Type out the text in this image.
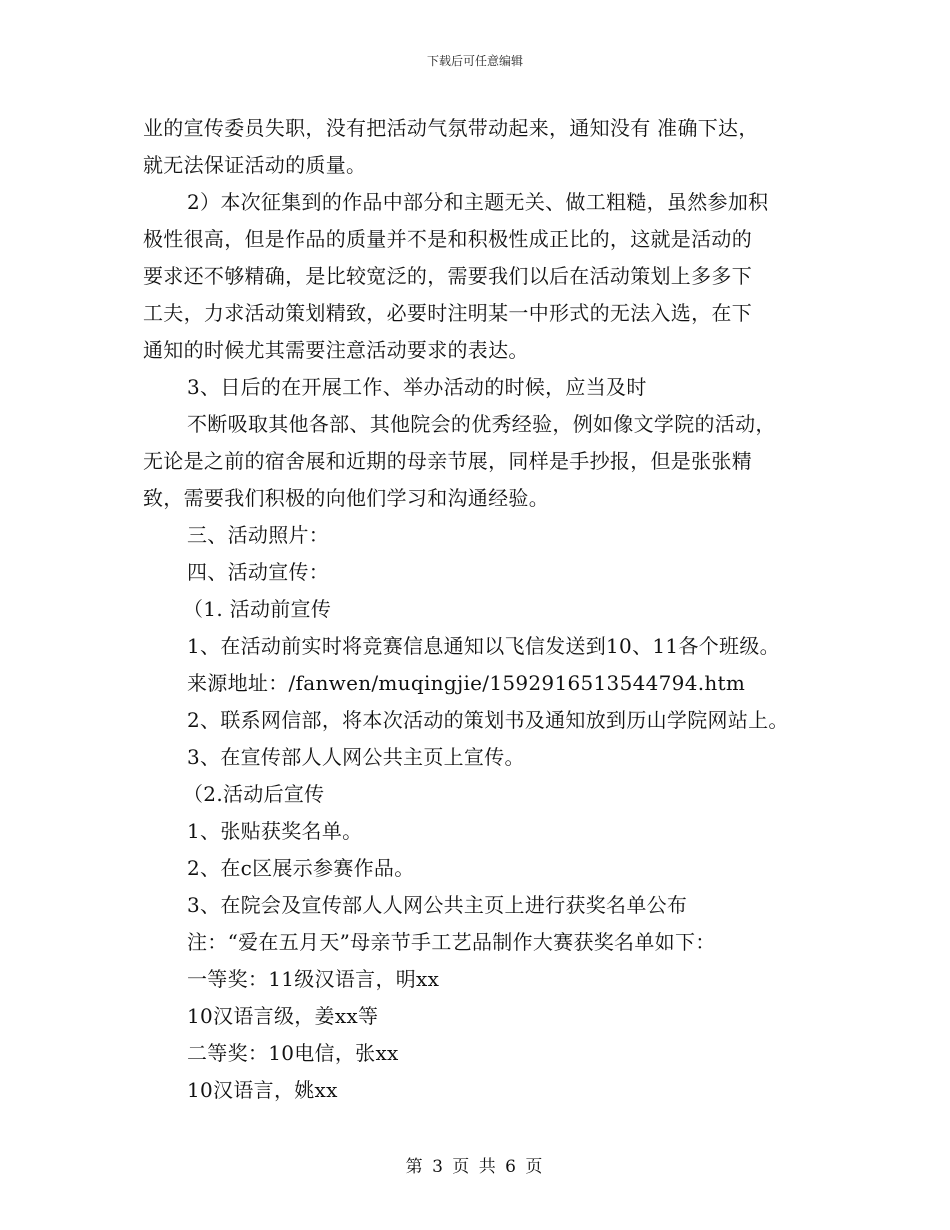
下载后可任意编辑
业的宣传委员失职，没有把活动气氛带动起来，通知没有 准确下达，
就无法保证活动的质量。
2）本次征集到的作品中部分和主题无关、做工粗糙，虽然参加积
极性很高，但是作品的质量并不是和积极性成正比的，这就是活动的
要求还不够精确，是比较宽泛的，需要我们以后在活动策划上多多下
工夫，力求活动策划精致，必要时注明某一中形式的无法入选，在下
通知的时候尤其需要注意活动要求的表达。
3、日后的在开展工作、举办活动的时候，应当及时
不断吸取其他各部、其他院会的优秀经验，例如像文学院的活动，
无论是之前的宿舍展和近期的母亲节展，同样是手抄报，但是张张精
致，需要我们积极的向他们学习和沟通经验。
三、活动照片：
四、活动宣传：
（1. 活动前宣传
1、在活动前实时将竞赛信息通知以飞信发送到10、11各个班级。
来源地址：/fanwen/muqingjie/1592916513544794.htm
2、联系网信部，将本次活动的策划书及通知放到历山学院网站上。
3、在宣传部人人网公共主页上宣传。
（2.活动后宣传
1、张贴获奖名单。
2、在c区展示参赛作品。
3、在院会及宣传部人人网公共主页上进行获奖名单公布
注：“爱在五月天”母亲节手工艺品制作大赛获奖名单如下：
一等奖：11级汉语言，明xx
10汉语言级，姜xx等
二等奖：10电信，张xx
10汉语言，姚xx
第 3 页 共 6 页
